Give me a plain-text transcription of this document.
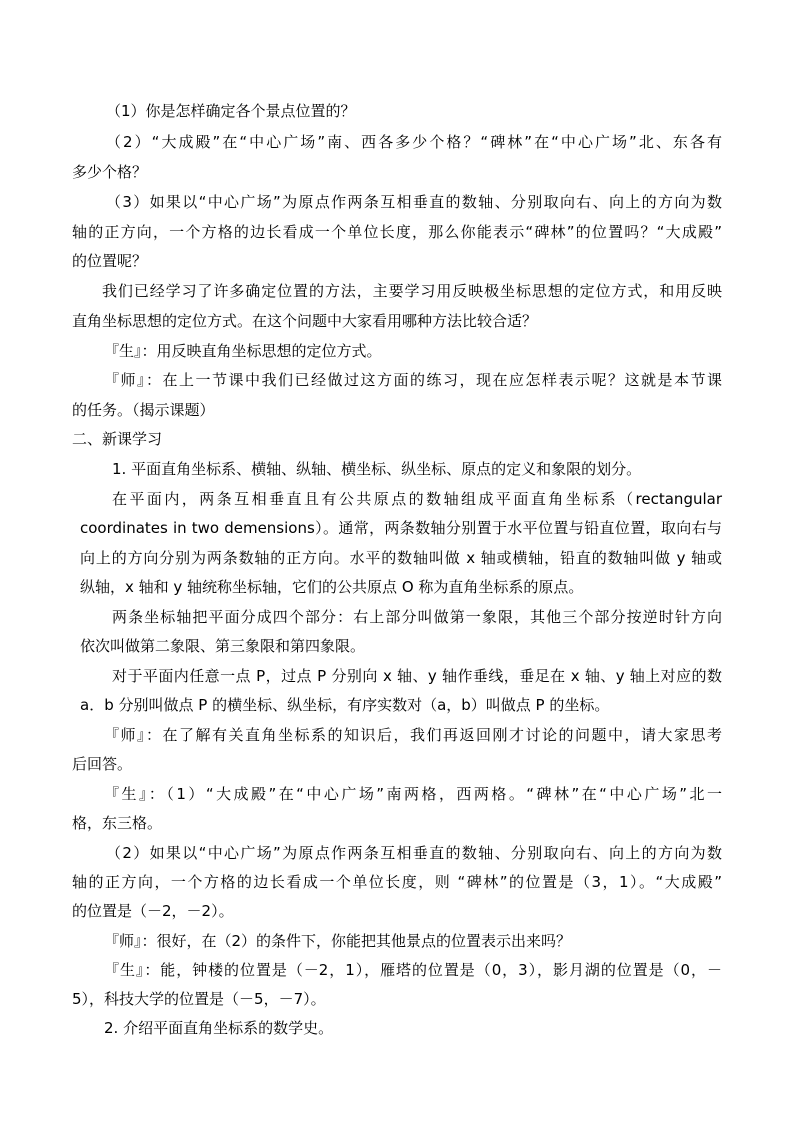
（1）你是怎样确定各个景点位置的？
（2）“大成殿”在“中心广场”南、西各多少个格？“碑林”在“中心广场”北、东各有
多少个格？
（3）如果以“中心广场”为原点作两条互相垂直的数轴、分别取向右、向上的方向为数
轴的正方向，一个方格的边长看成一个单位长度，那么你能表示“碑林”的位置吗？“大成殿”
的位置呢？
我们已经学习了许多确定位置的方法，主要学习用反映极坐标思想的定位方式，和用反映
直角坐标思想的定位方式。在这个问题中大家看用哪种方法比较合适？
『生』：用反映直角坐标思想的定位方式。
『师』：在上一节课中我们已经做过这方面的练习，现在应怎样表示呢？这就是本节课
的任务。（揭示课题）
二、新课学习
1. 平面直角坐标系、横轴、纵轴、横坐标、纵坐标、原点的定义和象限的划分。
在平面内，两条互相垂直且有公共原点的数轴组成平面直角坐标系（rectangular
coordinates in two demensions）。通常，两条数轴分别置于水平位置与铅直位置，取向右与
向上的方向分别为两条数轴的正方向。水平的数轴叫做 x 轴或横轴，铅直的数轴叫做 y 轴或
纵轴，x 轴和 y 轴统称坐标轴，它们的公共原点 O 称为直角坐标系的原点。
两条坐标轴把平面分成四个部分：右上部分叫做第一象限，其他三个部分按逆时针方向
依次叫做第二象限、第三象限和第四象限。
对于平面内任意一点 P，过点 P 分别向 x 轴、y 轴作垂线，垂足在 x 轴、y 轴上对应的数
a．b 分别叫做点 P 的横坐标、纵坐标，有序实数对（a，b）叫做点 P 的坐标。
『师』：在了解有关直角坐标系的知识后，我们再返回刚才讨论的问题中，请大家思考
后回答。
『生』：（1）“大成殿”在“中心广场”南两格，西两格。“碑林”在“中心广场”北一
格，东三格。
（2）如果以“中心广场”为原点作两条互相垂直的数轴、分别取向右、向上的方向为数
轴的正方向，一个方格的边长看成一个单位长度，则 “碑林”的位置是（3，1）。“大成殿”
的位置是（－2，－2）。
『师』：很好，在（2）的条件下，你能把其他景点的位置表示出来吗？
『生』：能，钟楼的位置是（－2，1），雁塔的位置是（0，3），影月湖的位置是（0，－
5），科技大学的位置是（－5，－7）。
2. 介绍平面直角坐标系的数学史。
